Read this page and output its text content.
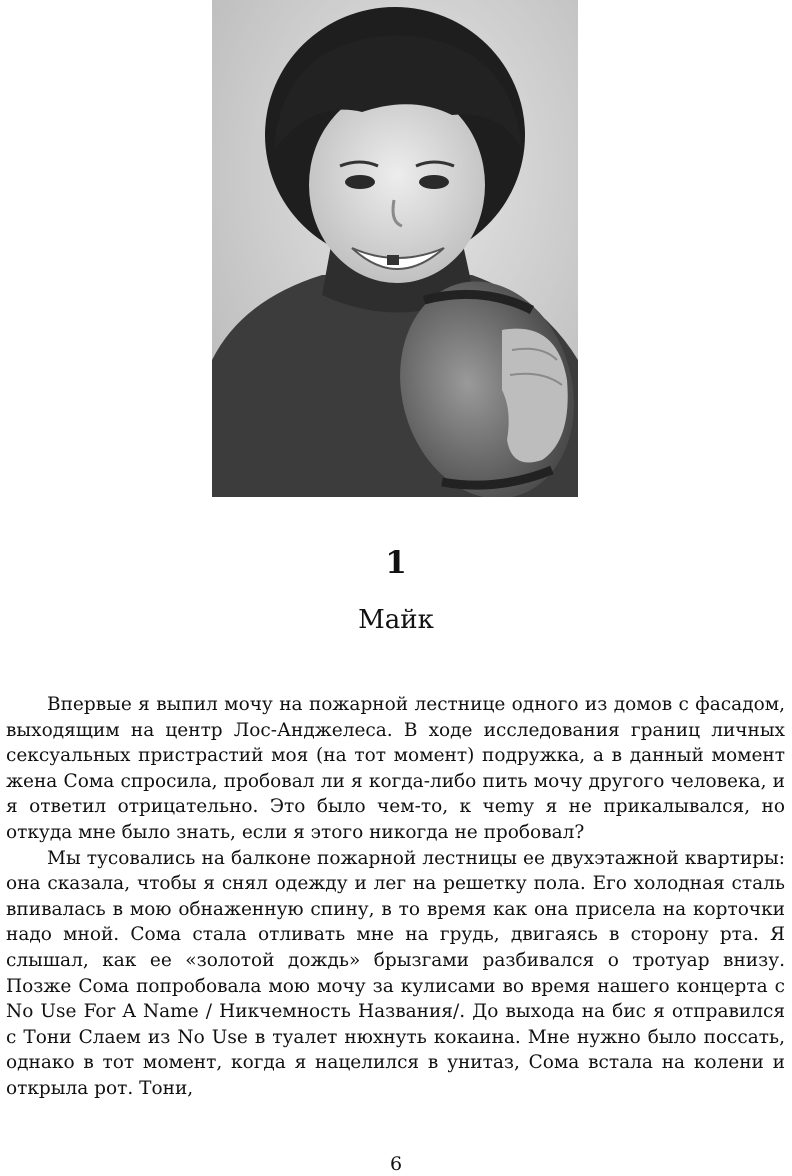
1
Майк

Впервые я выпил мочу на пожарной лестнице одного из домов с фасадом, выходящим на центр Лос-Анджелеса. В ходе исследования границ личных сексуальных пристрастий моя (на тот момент) подружка, а в данный момент жена Сома спросила, пробовал ли я когда-либо пить мочу другого человека, и я ответил отрицательно. Это было чем-то, к чеmу я не прикалывался, но откуда мне было знать, если я этого никогда не пробовал?

Мы тусовались на балконе пожарной лестницы ее двухэтажной квартиры: она сказала, чтобы я снял одежду и лег на решетку пола. Его холодная сталь впивалась в мою обнаженную спину, в то время как она присела на корточки надо мной. Сома стала отливать мне на грудь, двигаясь в сторону рта. Я слышал, как ее «золотой дождь» брызгами разбивался о тротуар внизу. Позже Сома попробовала мою мочу за кулисами во время нашего концерта с No Use For A Name / Никчемность Названия/. До выхода на бис я отправился с Тони Слаем из No Use в туалет нюхнуть кокаина. Мне нужно было поссать, однако в тот момент, когда я нацелился в унитаз, Сома встала на колени и открыла рот. Тони,

6
